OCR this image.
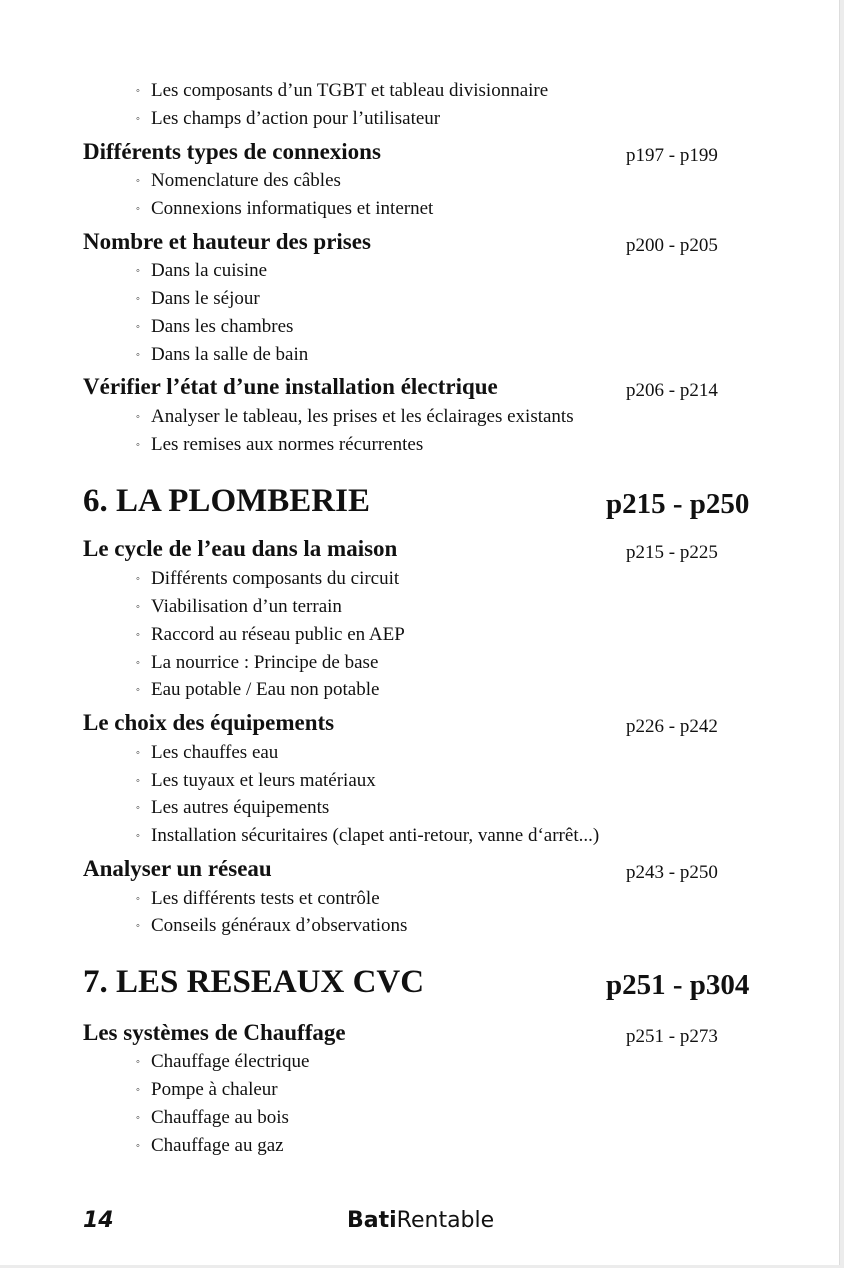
◦ Les composants d’un TGBT et tableau divisionnaire
◦ Les champs d’action pour l’utilisateur
Différents types de connexions	p197 - p199
◦ Nomenclature des câbles
◦ Connexions informatiques et internet
Nombre et hauteur des prises	p200 - p205
◦ Dans la cuisine
◦ Dans le séjour
◦ Dans les chambres
◦ Dans la salle de bain
Vérifier l’état d’une installation électrique	p206 - p214
◦ Analyser le tableau, les prises et les éclairages existants
◦ Les remises aux normes récurrentes
6. LA PLOMBERIE	p215 - p250
Le cycle de l’eau dans la maison	p215 - p225
◦ Différents composants du circuit
◦ Viabilisation d’un terrain
◦ Raccord au réseau public en AEP
◦ La nourrice : Principe de base
◦ Eau potable / Eau non potable
Le choix des équipements	p226 - p242
◦ Les chauffes eau
◦ Les tuyaux et leurs matériaux
◦ Les autres équipements
◦ Installation sécuritaires (clapet anti-retour, vanne d‘arrêt...)
Analyser un réseau	p243 - p250
◦ Les différents tests et contrôle
◦ Conseils généraux d’observations
7. LES RESEAUX CVC	p251 - p304
Les systèmes de Chauffage	p251 - p273
◦ Chauffage électrique
◦ Pompe à chaleur
◦ Chauffage au bois
◦ Chauffage au gaz
14	BatiRentable
